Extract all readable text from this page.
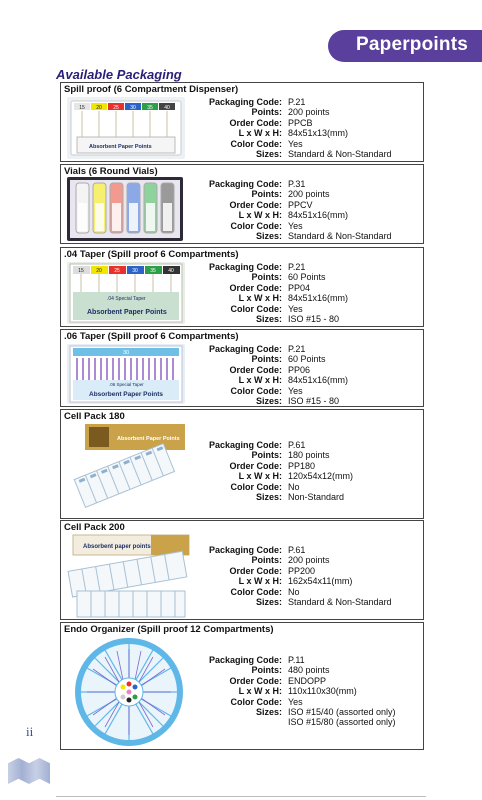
Paperpoints
Available Packaging
Spill proof (6 Compartment Dispenser)
15 20 25 30 35 40
Absorbent Paper Points
Packaging Code: P.21
Points: 200 points
Order Code: PPCB
L x W x H: 84x51x13(mm)
Color Code: Yes
Sizes: Standard & Non-Standard
Vials (6 Round Vials)
Packaging Code: P.31
Points: 200 points
Order Code: PPCV
L x W x H: 84x51x16(mm)
Color Code: Yes
Sizes: Standard & Non-Standard
.04 Taper (Spill proof 6 Compartments)
15 20 25 30 35 40
.04 Special Taper
Absorbent Paper Points
Packaging Code: P.21
Points: 60 Points
Order Code: PP04
L x W x H: 84x51x16(mm)
Color Code: Yes
Sizes: ISO #15 - 80
.06 Taper (Spill proof 6 Compartments)
30
.06 Special Taper
Absorbent Paper Points
Packaging Code: P.21
Points: 60 Points
Order Code: PP06
L x W x H: 84x51x16(mm)
Color Code: Yes
Sizes: ISO #15 - 80
Cell Pack 180
Absorbent Paper Points
Packaging Code: P.61
Points: 180 points
Order Code: PP180
L x W x H: 120x54x12(mm)
Color Code: No
Sizes: Non-Standard
Cell Pack 200
Absorbent paper points	Packaging Code: P.61
Points: 200 points
Order Code: PP200
L x W x H: 162x54x11(mm)
Color Code: No
Sizes: Standard & Non-Standard
Endo Organizer (Spill proof 12 Compartments)
Packaging Code: P.11
Points: 480 points
Order Code: ENDOPP
L x W x H: 110x110x30(mm)
Color Code: Yes
Sizes: ISO #15/40 (assorted only)
ISO #15/80 (assorted only)
ii
